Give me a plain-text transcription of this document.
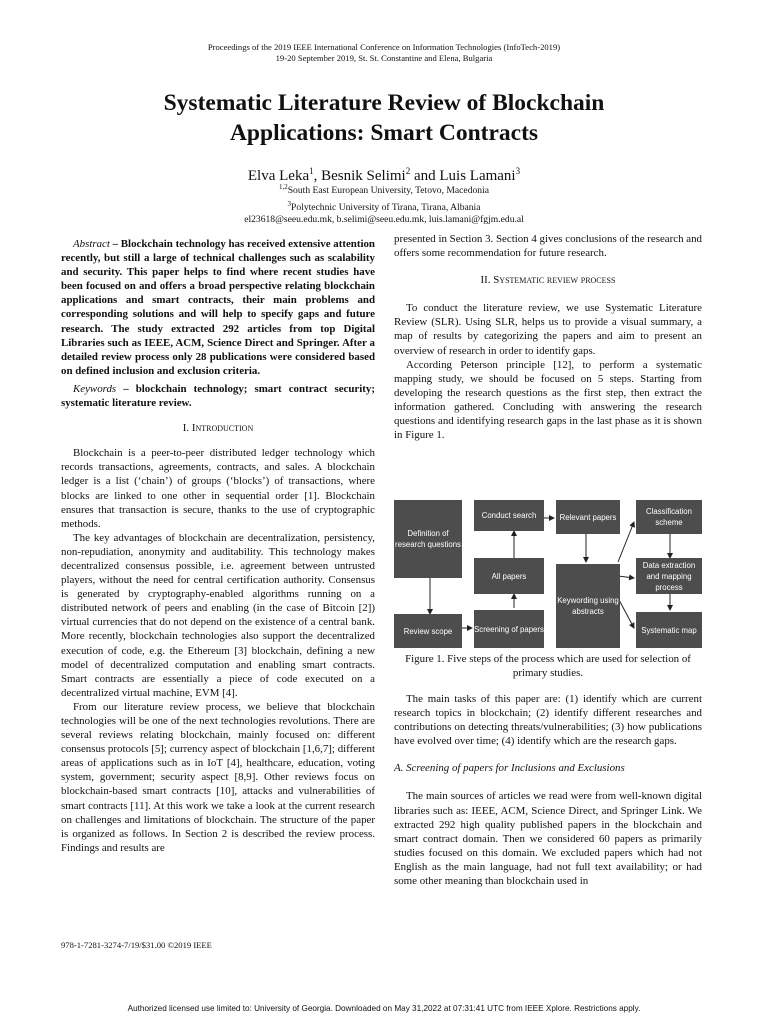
Proceedings of the 2019 IEEE International Conference on Information Technologies (InfoTech-2019)
19-20 September 2019, St. St. Constantine and Elena, Bulgaria
Systematic Literature Review of Blockchain
Applications: Smart Contracts
Elva Leka$^1$, Besnik Selimi$^2$ and Luis Lamani$^3$
$^{1,2}$South East European University, Tetovo, Macedonia
$^3$Polytechnic University of Tirana, Tirana, Albania
el23618@seeu.edu.mk, b.selimi@seeu.edu.mk, luis.lamani@fgjm.edu.al

Abstract – Blockchain technology has received extensive attention recently, but still a large of technical challenges such as scalability and security. This paper helps to find where recent studies have been focused on and offers a broad perspective relating blockchain applications and smart contracts, their main problems and corresponding solutions and will help to specify gaps and future research. The study extracted 292 articles from top Digital Libraries such as IEEE, ACM, Science Direct and Springer. After a detailed review process only 28 publications were considered based on defined inclusion and exclusion criteria.

Keywords – blockchain technology; smart contract security; systematic literature review.

I. Introduction

Blockchain is a peer-to-peer distributed ledger technology which records transactions, agreements, contracts, and sales. A blockchain ledger is a list (‘chain’) of groups (‘blocks’) of transactions, where blocks are linked to one other in sequential order [1]. Blockchain ensures that transaction is secure, thanks to the use of cryptographic methods.

The key advantages of blockchain are decentralization, persistency, non-repudiation, anonymity and auditability. This technology makes decentralized consensus possible, i.e. agreement between untrusted players, without the need for central certification authority. Consensus is generated by cryptography-enabled algorithms running on a distributed network of peers and enabling (in the case of Bitcoin [2]) virtual currencies that do not depend on the existence of a central bank. More recently, blockchain technologies also support the decentralized execution of code, e.g. the Ethereum [3] blockchain, defining a new model of decentralized computation and enabling smart contracts. Smart contracts are essentially a piece of code executed on a decentralized virtual machine, EVM [4].

From our literature review process, we believe that blockchain technologies will be one of the next technologies revolutions. There are several reviews relating blockchain, mainly focused on: different consensus protocols [5]; currency aspect of blockchain [1,6,7]; different areas of applications such as in IoT [4], healthcare, education, voting system, government; security aspect [8,9]. Other reviews focus on blockchain-based smart contracts [10], attacks and vulnerabilities of smart contracts [11]. At this work we take a look at the current research on challenges and limitations of blockchain. The structure of the paper is organized as follows. In Section 2 is described the review process. Findings and results are

presented in Section 3. Section 4 gives conclusions of the research and offers some recommendation for future research.

II. Systematic review process

To conduct the literature review, we use Systematic Literature Review (SLR). Using SLR, helps us to provide a visual summary, a map of results by categorizing the papers and aim to present an overview of research in order to identify gaps.

According Peterson principle [12], to perform a systematic mapping study, we should be focused on 5 steps. Starting from developing the research questions as the first step, then extract the information gathered. Concluding with answering the research questions and identifying research gaps in the last phase as it is shown in Figure 1.

Definition of research questions
Conduct search	Relevant papers
Classification scheme
All papers
Keywording using abstracts
Data extraction and mapping process
Review scope	Screening of papers	Systematic map
Figure 1. Five steps of the process which are used for selection of primary studies.

The main tasks of this paper are: (1) identify which are current research topics in blockchain; (2) identify different researches and contributions on detecting threats/vulnerabilities; (3) how publications have evolved over time; (4) identify which are the research gaps.

A. Screening of papers for Inclusions and Exclusions

The main sources of articles we read were from well-known digital libraries such as: IEEE, ACM, Science Direct, and Springer Link. We extracted 292 high quality published papers in the blockchain and smart contract domain. Then we considered 60 papers as primarily studies focused on this domain. We excluded papers which had not English as the main language, had not full text availability; or had some other meaning than blockchain used in

978-1-7281-3274-7/19/$31.00 ©2019 IEEE
Authorized licensed use limited to: University of Georgia. Downloaded on May 31,2022 at 07:31:41 UTC from IEEE Xplore. Restrictions apply.
